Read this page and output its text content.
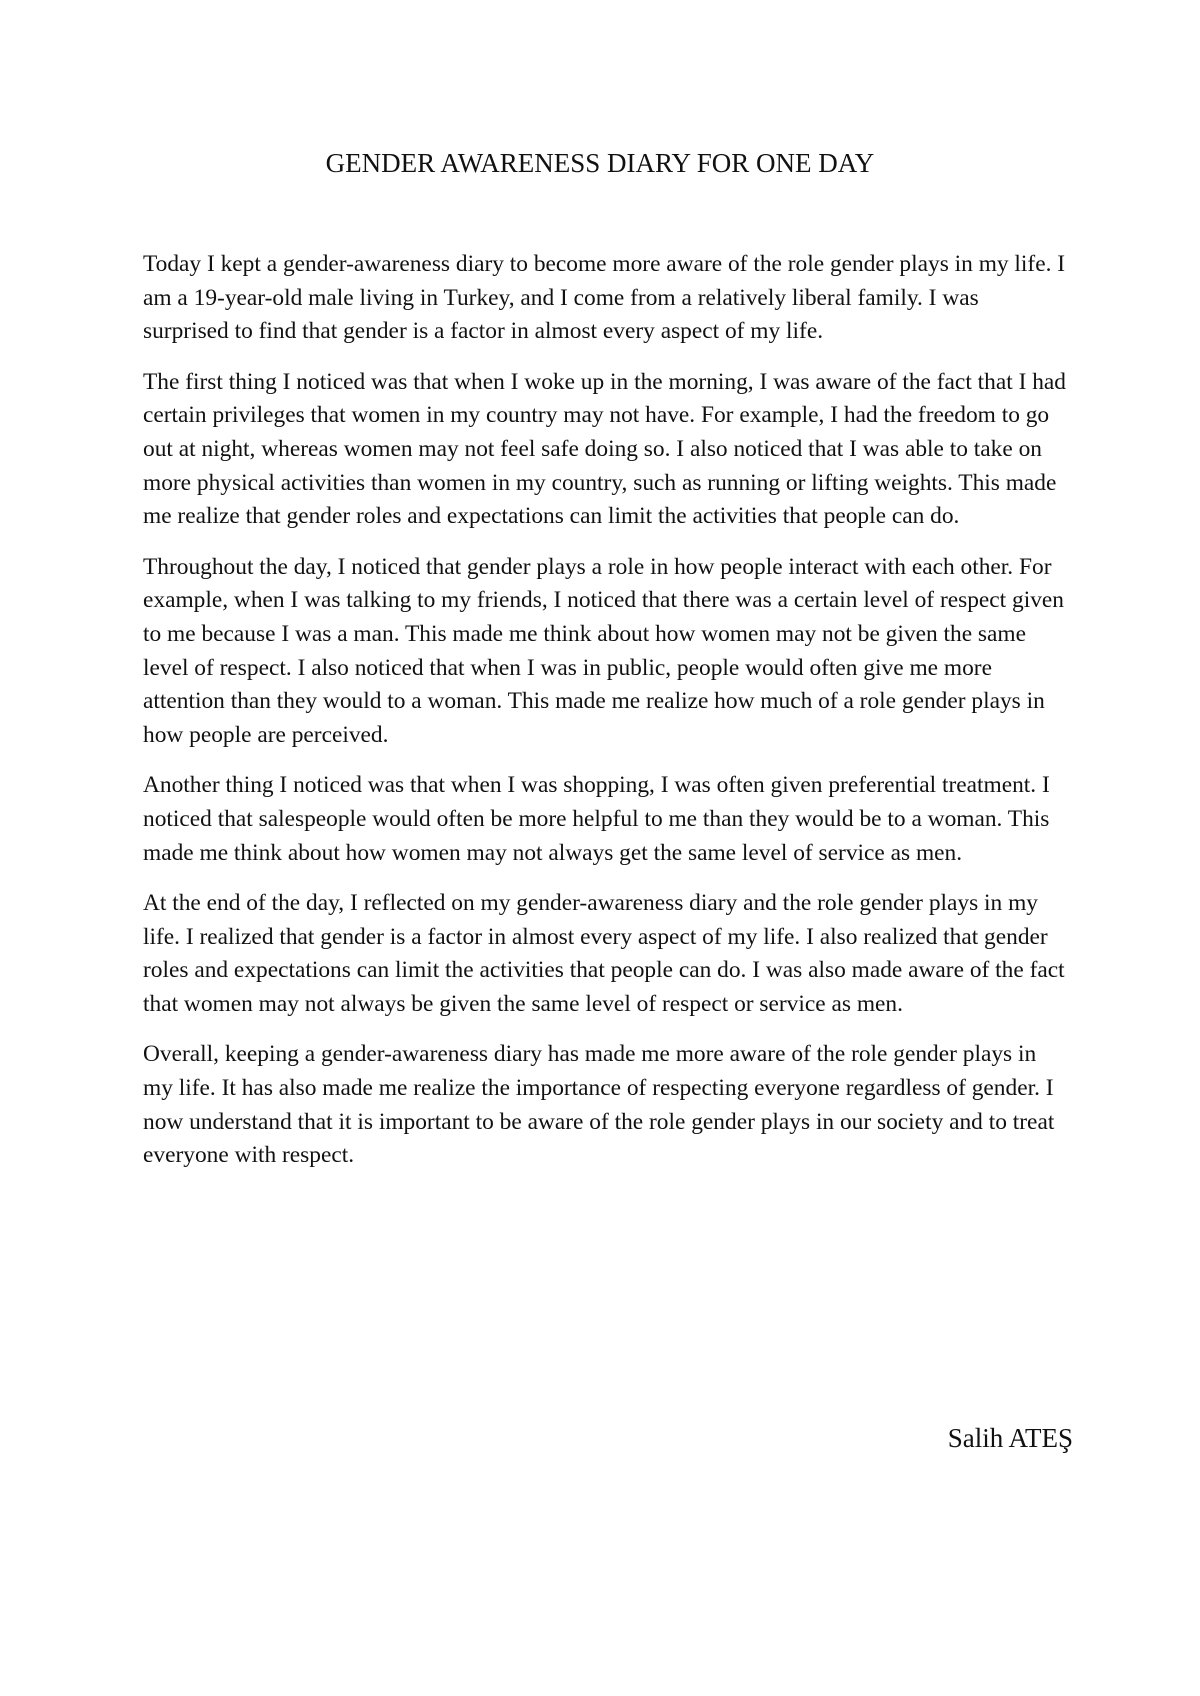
GENDER AWARENESS DIARY FOR ONE DAY

Today I kept a gender-awareness diary to become more aware of the role gender plays in my life. I am a 19-year-old male living in Turkey, and I come from a relatively liberal family. I was surprised to find that gender is a factor in almost every aspect of my life.

The first thing I noticed was that when I woke up in the morning, I was aware of the fact that I had certain privileges that women in my country may not have. For example, I had the freedom to go out at night, whereas women may not feel safe doing so. I also noticed that I was able to take on more physical activities than women in my country, such as running or lifting weights. This made me realize that gender roles and expectations can limit the activities that people can do.

Throughout the day, I noticed that gender plays a role in how people interact with each other. For example, when I was talking to my friends, I noticed that there was a certain level of respect given to me because I was a man. This made me think about how women may not be given the same level of respect. I also noticed that when I was in public, people would often give me more attention than they would to a woman. This made me realize how much of a role gender plays in how people are perceived.

Another thing I noticed was that when I was shopping, I was often given preferential treatment. I noticed that salespeople would often be more helpful to me than they would be to a woman. This made me think about how women may not always get the same level of service as men.

At the end of the day, I reflected on my gender-awareness diary and the role gender plays in my life. I realized that gender is a factor in almost every aspect of my life. I also realized that gender roles and expectations can limit the activities that people can do. I was also made aware of the fact that women may not always be given the same level of respect or service as men.

Overall, keeping a gender-awareness diary has made me more aware of the role gender plays in my life. It has also made me realize the importance of respecting everyone regardless of gender. I now understand that it is important to be aware of the role gender plays in our society and to treat everyone with respect.

Salih ATEŞ
